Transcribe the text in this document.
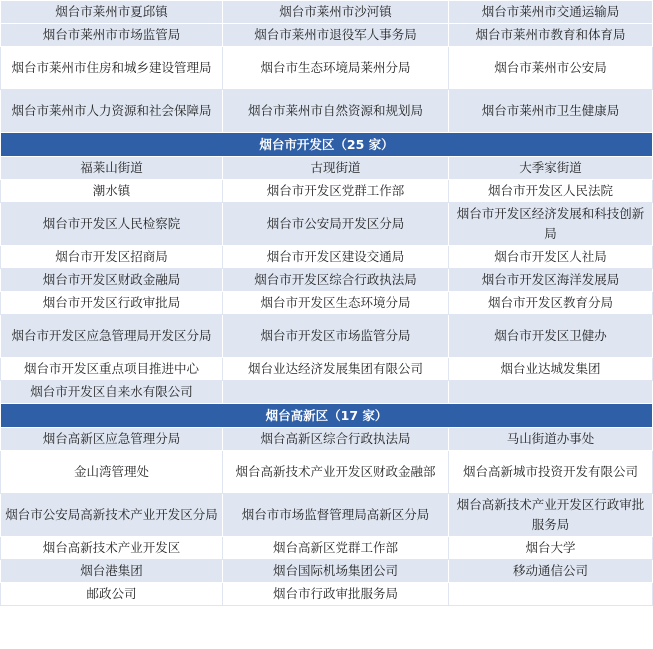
烟台市莱州市夏邱镇	烟台市莱州市沙河镇	烟台市莱州市交通运输局
烟台市莱州市市场监管局	烟台市莱州市退役军人事务局	烟台市莱州市教育和体育局
烟台市莱州市住房和城乡建设管理局	烟台市生态环境局莱州分局	烟台市莱州市公安局
烟台市莱州市人力资源和社会保障局	烟台市莱州市自然资源和规划局	烟台市莱州市卫生健康局
烟台市开发区（25 家）		
福莱山街道	古现街道	大季家街道
潮水镇	烟台市开发区党群工作部	烟台市开发区人民法院
烟台市开发区人民检察院	烟台市公安局开发区分局	烟台市开发区经济发展和科技创新局
烟台市开发区招商局	烟台市开发区建设交通局	烟台市开发区人社局
烟台市开发区财政金融局	烟台市开发区综合行政执法局	烟台市开发区海洋发展局
烟台市开发区行政审批局	烟台市开发区生态环境分局	烟台市开发区教育分局
烟台市开发区应急管理局开发区分局	烟台市开发区市场监管分局	烟台市开发区卫健办
烟台市开发区重点项目推进中心	烟台业达经济发展集团有限公司	烟台业达城发集团
烟台市开发区自来水有限公司		
烟台高新区（17 家）		
烟台高新区应急管理分局	烟台高新区综合行政执法局	马山街道办事处
金山湾管理处	烟台高新技术产业开发区财政金融部	烟台高新城市投资开发有限公司
烟台市公安局高新技术产业开发区分局	烟台市市场监督管理局高新区分局	烟台高新技术产业开发区行政审批服务局
烟台高新技术产业开发区	烟台高新区党群工作部	烟台大学
烟台港集团	烟台国际机场集团公司	移动通信公司
邮政公司	烟台市行政审批服务局	
